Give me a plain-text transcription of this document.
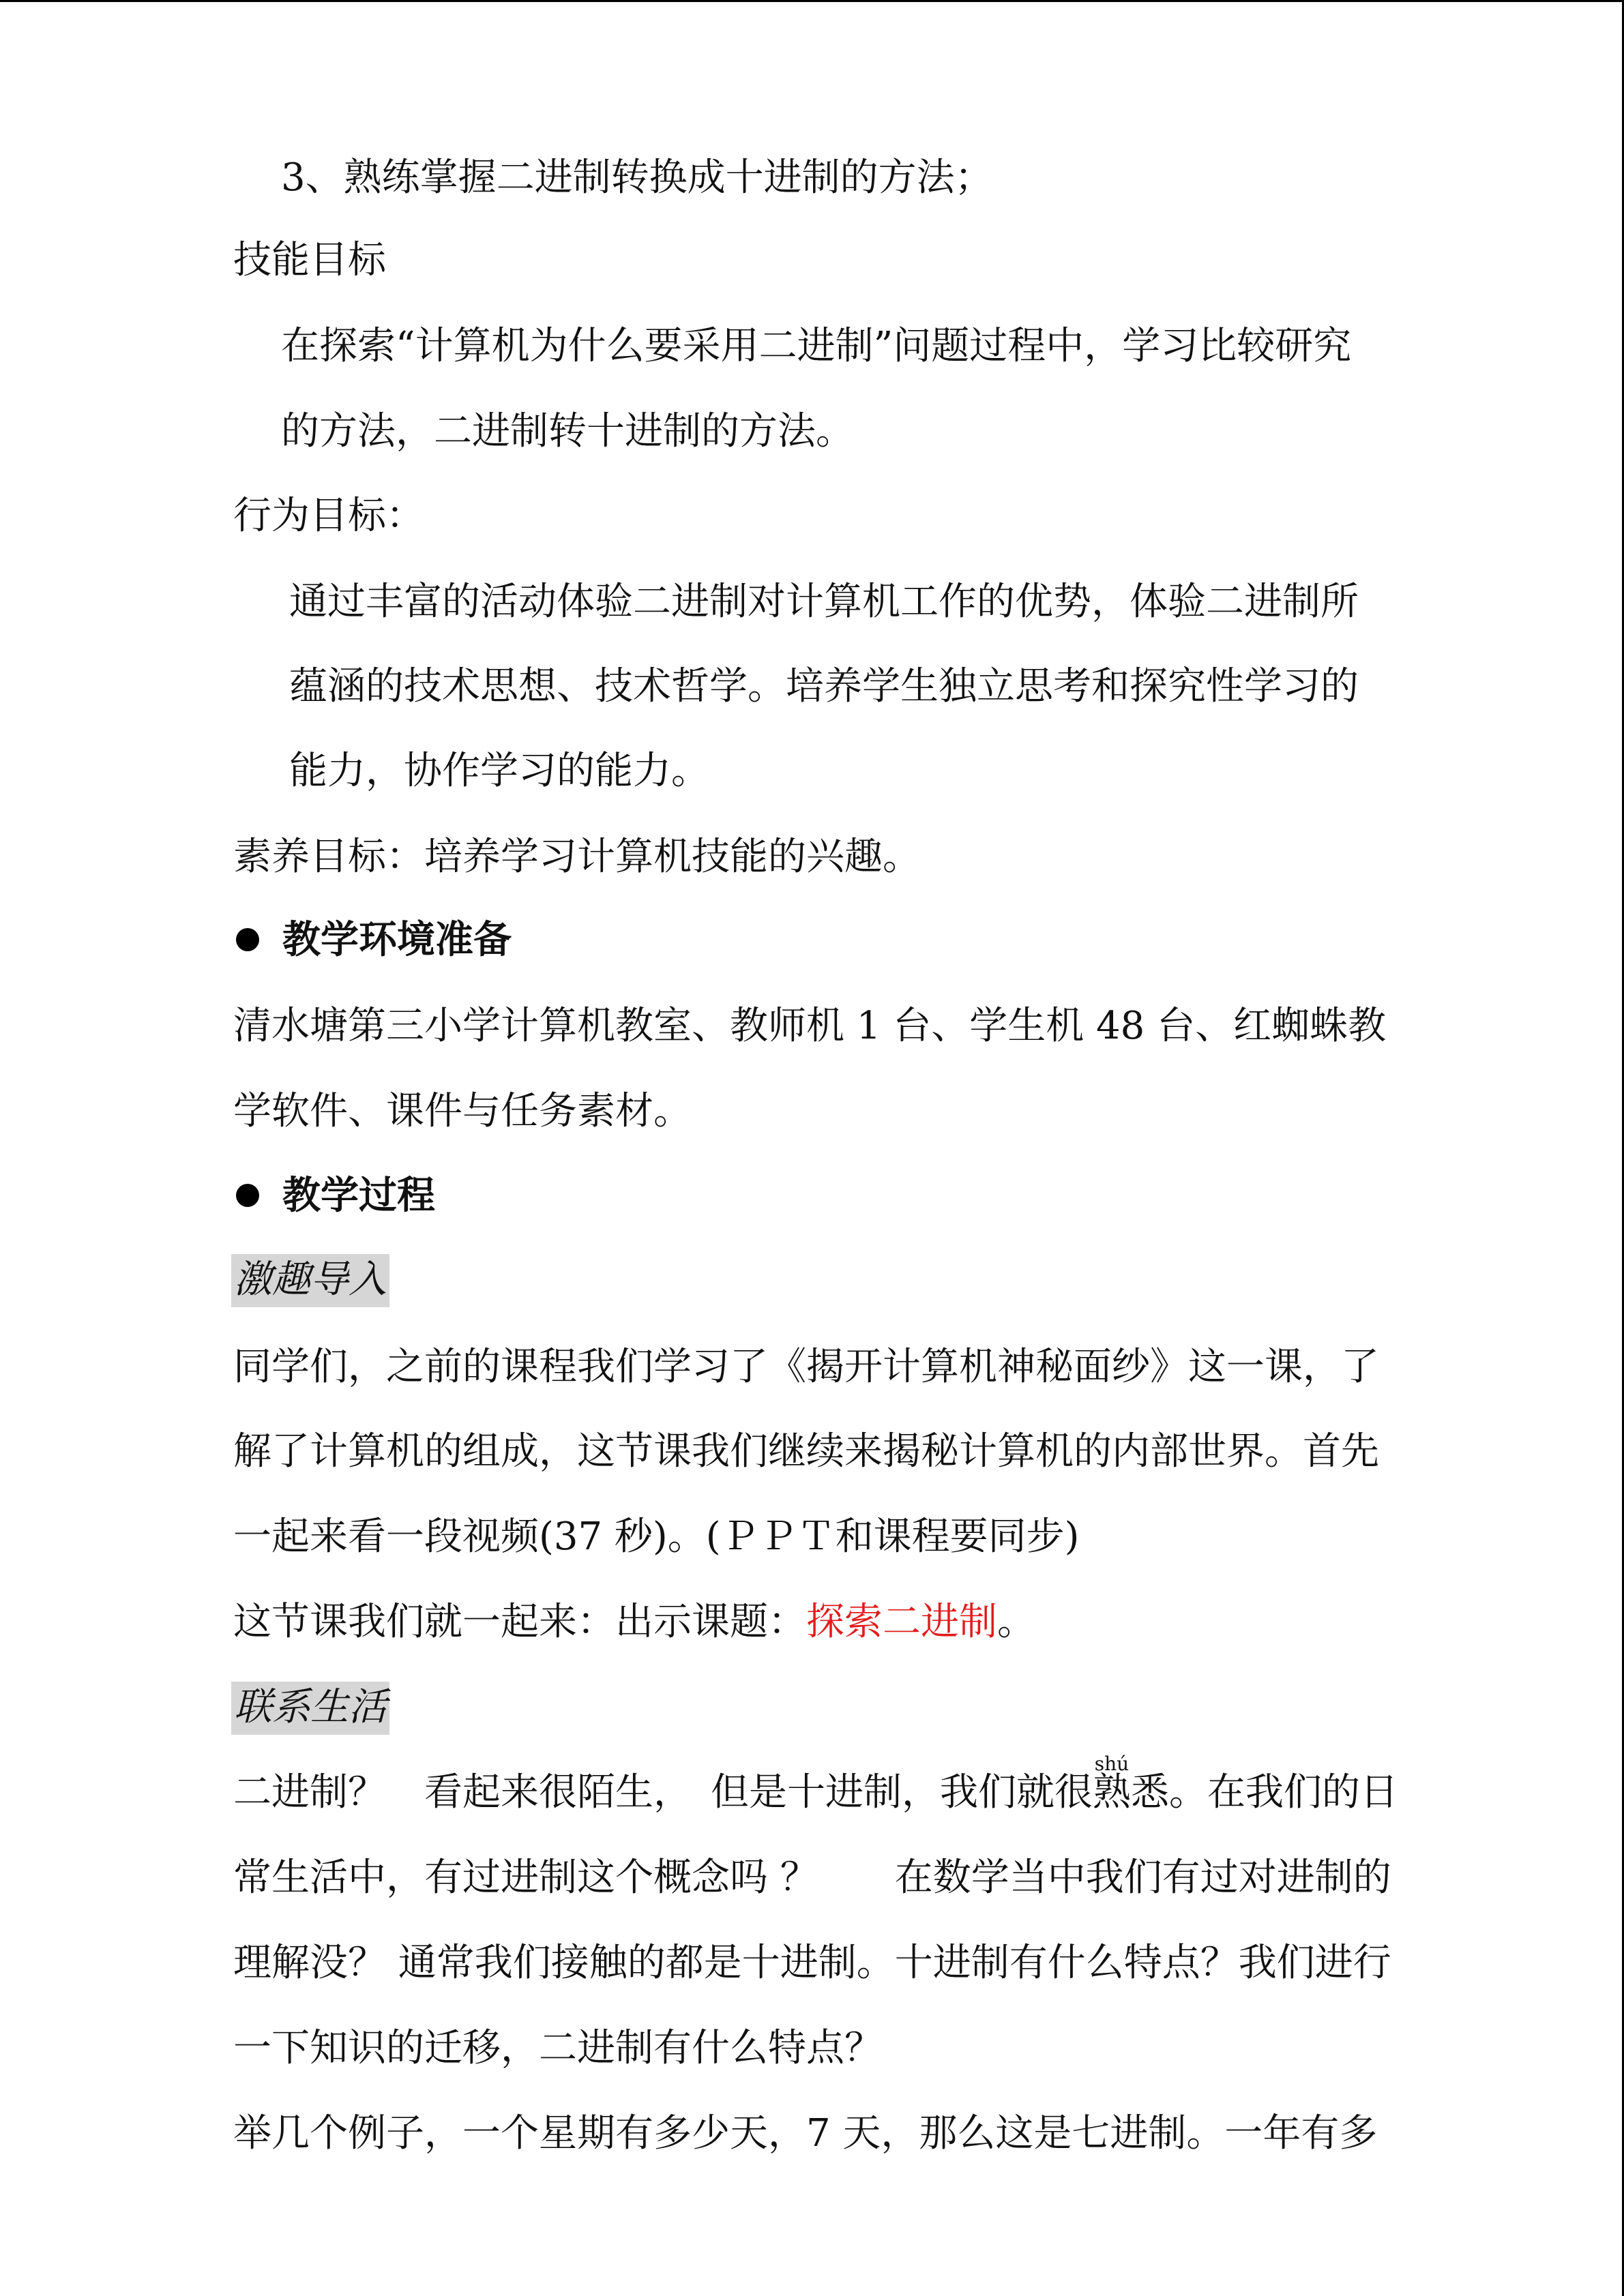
3、熟练掌握二进制转换成十进制的方法；
技能目标
在探索“计算机为什么要采用二进制”问题过程中，学习比较研究
的方法，二进制转十进制的方法。
行为目标：
通过丰富的活动体验二进制对计算机工作的优势，体验二进制所
蕴涵的技术思想、技术哲学。培养学生独立思考和探究性学习的
能力，协作学习的能力。
素养目标：培养学习计算机技能的兴趣。
教学环境准备
清水塘第三小学计算机教室、教师机 1 台、学生机 48 台、红蜘蛛教
学软件、课件与任务素材。
教学过程
激趣导入
同学们，之前的课程我们学习了《揭开计算机神秘面纱》这一课，了
解了计算机的组成，这节课我们继续来揭秘计算机的内部世界。首先
一起来看一段视频(37 秒)。(ＰＰＴ和课程要同步)
这节课我们就一起来：出示课题：探索二进制。
联系生活
二进制？　看起来很陌生，　但是十进制，我们就很
shú
熟悉。在我们的日
常生活中，有过进制这个概念吗 ？　　在数学当中我们有过对进制的
理解没？ 通常我们接触的都是十进制。十进制有什么特点？我们进行
一下知识的迁移，二进制有什么特点？
举几个例子，一个星期有多少天，7 天，那么这是七进制。一年有多
